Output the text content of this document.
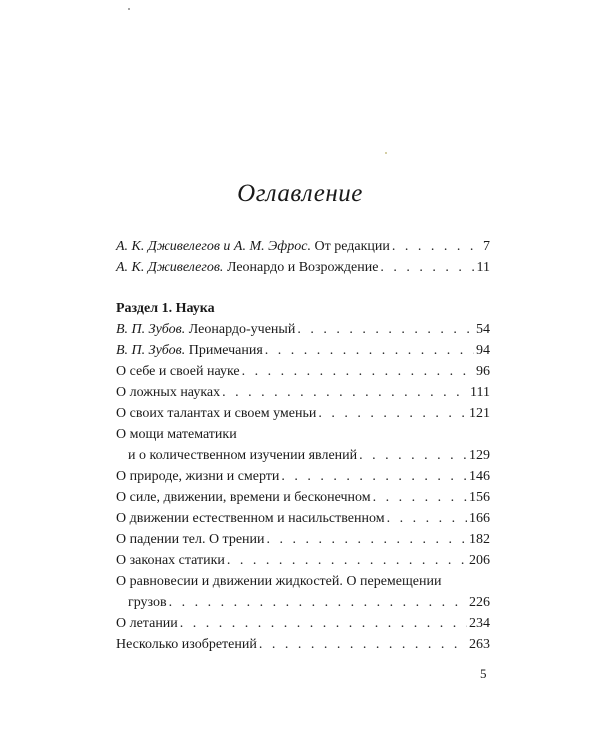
Оглавление
А. К. Дживелегов и А. М. Эфрос. От редакции . . .	7
А. К. Дживелегов. Леонардо и Возрождение . . .	11
Раздел 1. Наука
В. П. Зубов. Леонардо-ученый . . .	54
В. П. Зубов. Примечания . . .	94
О себе и своей науке . . .	96
О ложных науках . . .	111
О своих талантах и своем уменьи . . .	121
О мощи математики
и о количественном изучении явлений . . .	129
О природе, жизни и смерти . . .	146
О силе, движении, времени и бесконечном . . .	156
О движении естественном и насильственном . . .	166
О падении тел. О трении . . .	182
О законах статики . . .	206
О равновесии и движении жидкостей. О перемещении
грузов . . .	226
О летании . . .	234
Несколько изобретений . . .	263
5
